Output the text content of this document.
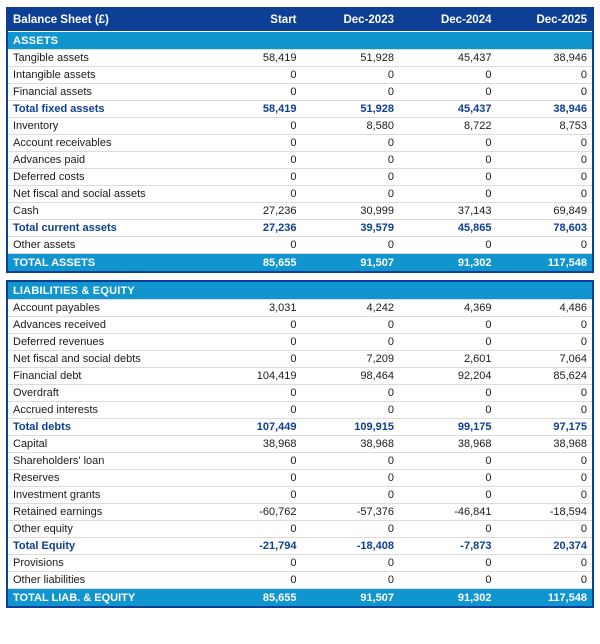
Balance Sheet (£)	Start	Dec-2023	Dec-2024	Dec-2025
ASSETS
Tangible assets	58,419	51,928	45,437	38,946
Intangible assets	0	0	0	0
Financial assets	0	0	0	0
Total fixed assets	58,419	51,928	45,437	38,946
Inventory	0	8,580	8,722	8,753
Account receivables	0	0	0	0
Advances paid	0	0	0	0
Deferred costs	0	0	0	0
Net fiscal and social assets	0	0	0	0
Cash	27,236	30,999	37,143	69,849
Total current assets	27,236	39,579	45,865	78,603
Other assets	0	0	0	0
TOTAL ASSETS	85,655	91,507	91,302	117,548
LIABILITIES & EQUITY
Account payables	3,031	4,242	4,369	4,486
Advances received	0	0	0	0
Deferred revenues	0	0	0	0
Net fiscal and social debts	0	7,209	2,601	7,064
Financial debt	104,419	98,464	92,204	85,624
Overdraft	0	0	0	0
Accrued interests	0	0	0	0
Total debts	107,449	109,915	99,175	97,175
Capital	38,968	38,968	38,968	38,968
Shareholders' loan	0	0	0	0
Reserves	0	0	0	0
Investment grants	0	0	0	0
Retained earnings	-60,762	-57,376	-46,841	-18,594
Other equity	0	0	0	0
Total Equity	-21,794	-18,408	-7,873	20,374
Provisions	0	0	0	0
Other liabilities	0	0	0	0
TOTAL LIAB. & EQUITY	85,655	91,507	91,302	117,548
